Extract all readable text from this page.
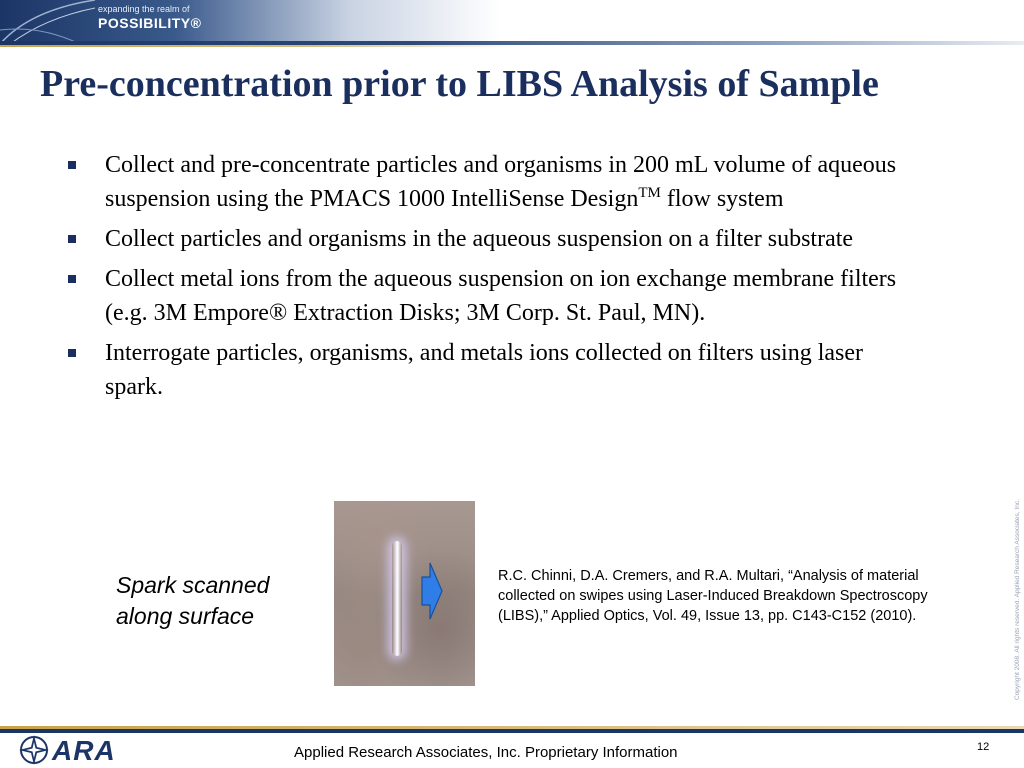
expanding the realm of
POSSIBILITY®
Pre-concentration prior to LIBS Analysis of Sample
Collect and pre-concentrate particles and organisms in 200 mL volume of aqueous suspension using the PMACS 1000 IntelliSense Design™ flow system
Collect particles and organisms in the aqueous suspension on a filter substrate
Collect metal ions from the aqueous suspension on ion exchange membrane filters (e.g. 3M Empore® Extraction Disks; 3M Corp. St. Paul, MN).
Interrogate particles, organisms, and metals ions collected on filters using laser spark.
Spark scanned along surface
R.C. Chinni, D.A. Cremers, and R.A. Multari, “Analysis of material collected on swipes using Laser-Induced Breakdown Spectroscopy (LIBS),” Applied Optics, Vol. 49, Issue 13, pp. C143-C152 (2010).	Copyright 2008. All rights reserved. Applied Research Associates, Inc.
ARA	Applied Research Associates, Inc. Proprietary Information	12
